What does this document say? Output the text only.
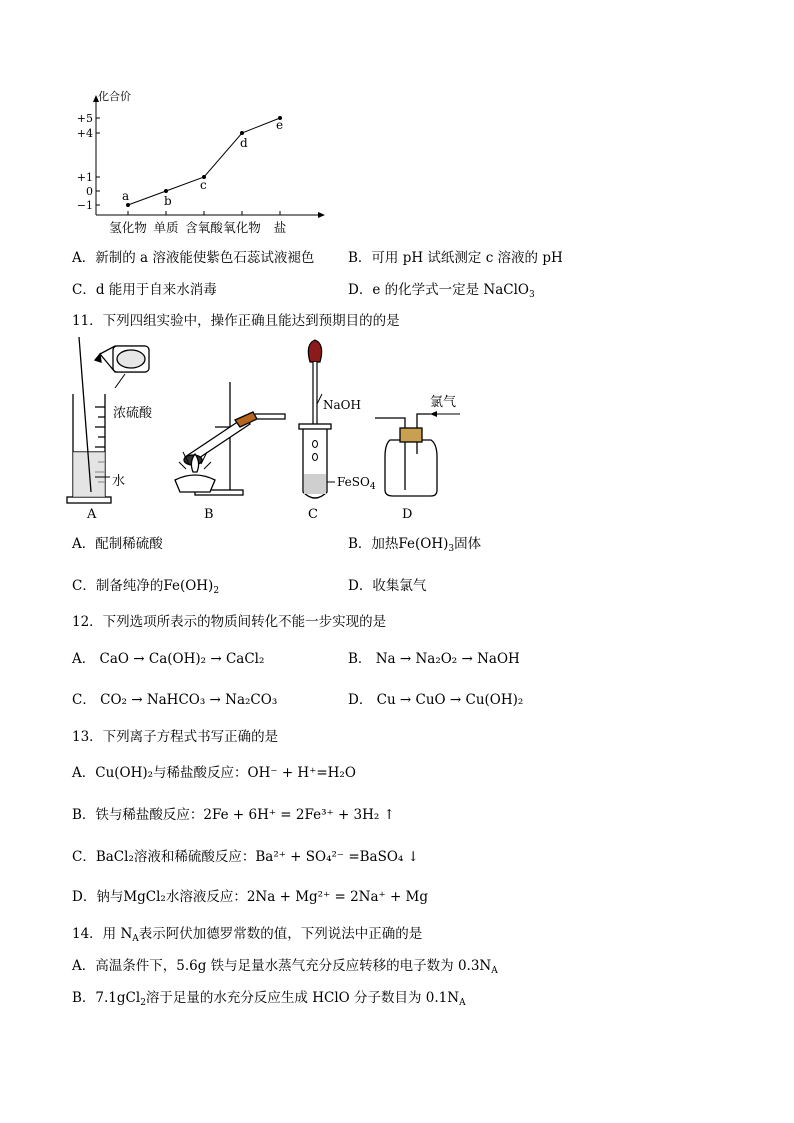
化合价
+5
+4
+1
0
−1
氢化物 单质 含氧酸 氧化物 盐
a	b
c
d
e
A．新制的 a 溶液能使紫色石蕊试液褪色 B．可用 pH 试纸测定 c 溶液的 pH
C．d 能用于自来水消毒	D．e 的化学式一定是 NaClO$_3$
11．下列四组实验中，操作正确且能达到预期目的的是
浓硫酸
水
NaOH
FeSO$_4$
氯气
A	B	C	D
A．配制稀硫酸	B．加热$Fe(OH)_3$固体
C．制备纯净的$Fe(OH)_2$	D．收集氯气
12．下列选项所表示的物质间转化不能一步实现的是
A． CaO → Ca(OH)₂ → CaCl₂	B． Na → Na₂O₂ → NaOH
C． CO₂ → NaHCO₃ → Na₂CO₃	D． Cu → CuO → Cu(OH)₂
13．下列离子方程式书写正确的是
A．Cu(OH)₂与稀盐酸反应：OH⁻ + H⁺=H₂O
B．铁与稀盐酸反应：2Fe + 6H⁺ = 2Fe³⁺ + 3H₂ ↑
C．BaCl₂溶液和稀硫酸反应：Ba²⁺ + SO₄²⁻ =BaSO₄ ↓
D．钠与MgCl₂水溶液反应：2Na + Mg²⁺ = 2Na⁺ + Mg
14．用 $N_A$表示阿伏加德罗常数的值，下列说法中正确的是
A．高温条件下，5.6g 铁与足量水蒸气充分反应转移的电子数为 $0.3N_A$
B．7.1gCl$_2$溶于足量的水充分反应生成 HClO 分子数目为 $0.1N_A$
